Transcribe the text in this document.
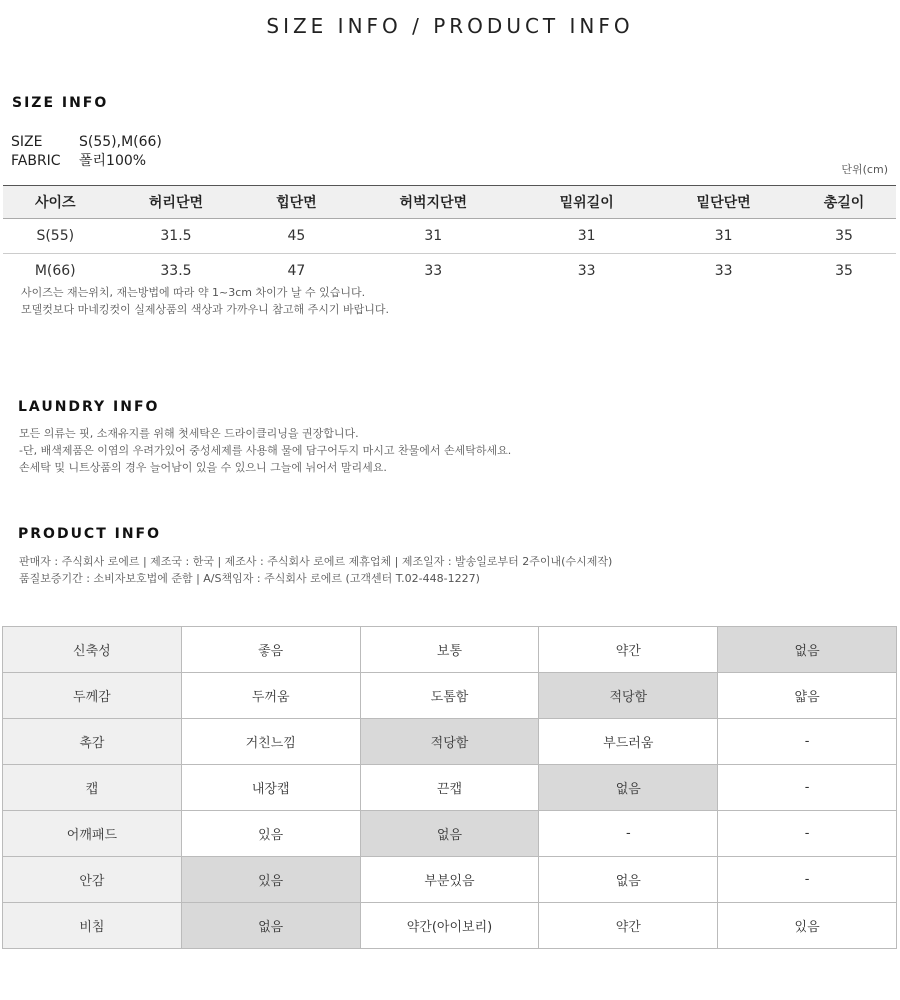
SIZE INFO / PRODUCT INFO
SIZE INFO
SIZE	S(55),M(66)
FABRIC 폴리100%
단위(cm)
사이즈	허리단면	힙단면	허벅지단면	밑위길이	밑단단면	총길이
S(55)	31.5	45	31	31	31	35
M(66)	33.5	47	33	33	33	35
사이즈는 재는위치, 재는방법에 따라 약 1~3cm 차이가 날 수 있습니다.
모델컷보다 마네킹컷이 실제상품의 색상과 가까우니 참고해 주시기 바랍니다.
LAUNDRY INFO
모든 의류는 핏, 소재유지를 위해 첫세탁은 드라이클리닝을 권장합니다.
-단, 배색제품은 이염의 우려가있어 중성세제를 사용해 물에 담구어두지 마시고 찬물에서 손세탁하세요.
손세탁 및 니트상품의 경우 늘어남이 있을 수 있으니 그늘에 뉘어서 말리세요.
PRODUCT INFO
판매자 : 주식회사 로에르 | 제조국 : 한국 | 제조사 : 주식회사 로에르 제휴업체 | 제조일자 : 발송일로부터 2주이내(수시제작)
품질보증기간 : 소비자보호법에 준함 | A/S책임자 : 주식회사 로에르 (고객센터 T.02-448-1227)
신축성	좋음	보통	약간	없음
두께감	두꺼움	도톰함	적당함	얇음
촉감	거친느낌	적당함	부드러움	-
캡	내장캡	끈캡	없음	-
어깨패드	있음	없음	-	-
안감	있음	부분있음	없음	-
비침	없음	약간(아이보리)	약간	있음
